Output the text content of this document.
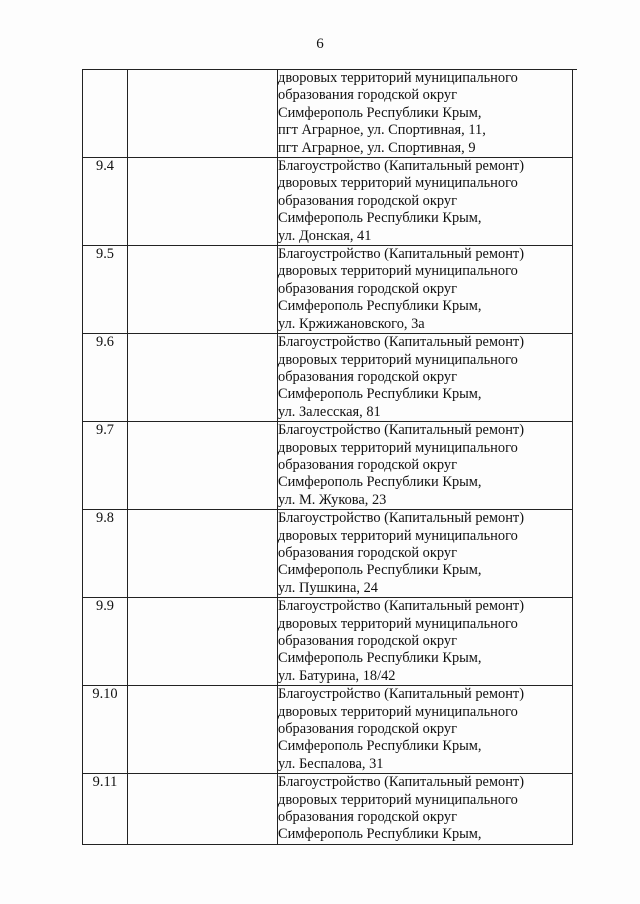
6

		дворовых территорий муниципального
образования городской округ
Симферополь Республики Крым,
пгт Аграрное, ул. Спортивная, 11,
пгт Аграрное, ул. Спортивная, 9

9.4		Благоустройство (Капитальный ремонт)
дворовых территорий муниципального
образования городской округ
Симферополь Республики Крым,
ул. Донская, 41

9.5		Благоустройство (Капитальный ремонт)
дворовых территорий муниципального
образования городской округ
Симферополь Республики Крым,
ул. Кржижановского, 3а

9.6		Благоустройство (Капитальный ремонт)
дворовых территорий муниципального
образования городской округ
Симферополь Республики Крым,
ул. Залесская, 81

9.7		Благоустройство (Капитальный ремонт)
дворовых территорий муниципального
образования городской округ
Симферополь Республики Крым,
ул. М. Жукова, 23

9.8		Благоустройство (Капитальный ремонт)
дворовых территорий муниципального
образования городской округ
Симферополь Республики Крым,
ул. Пушкина, 24

9.9		Благоустройство (Капитальный ремонт)
дворовых территорий муниципального
образования городской округ
Симферополь Республики Крым,
ул. Батурина, 18/42

9.10		Благоустройство (Капитальный ремонт)
дворовых территорий муниципального
образования городской округ
Симферополь Республики Крым,
ул. Беспалова, 31

9.11		Благоустройство (Капитальный ремонт)
дворовых территорий муниципального
образования городской округ
Симферополь Республики Крым,
